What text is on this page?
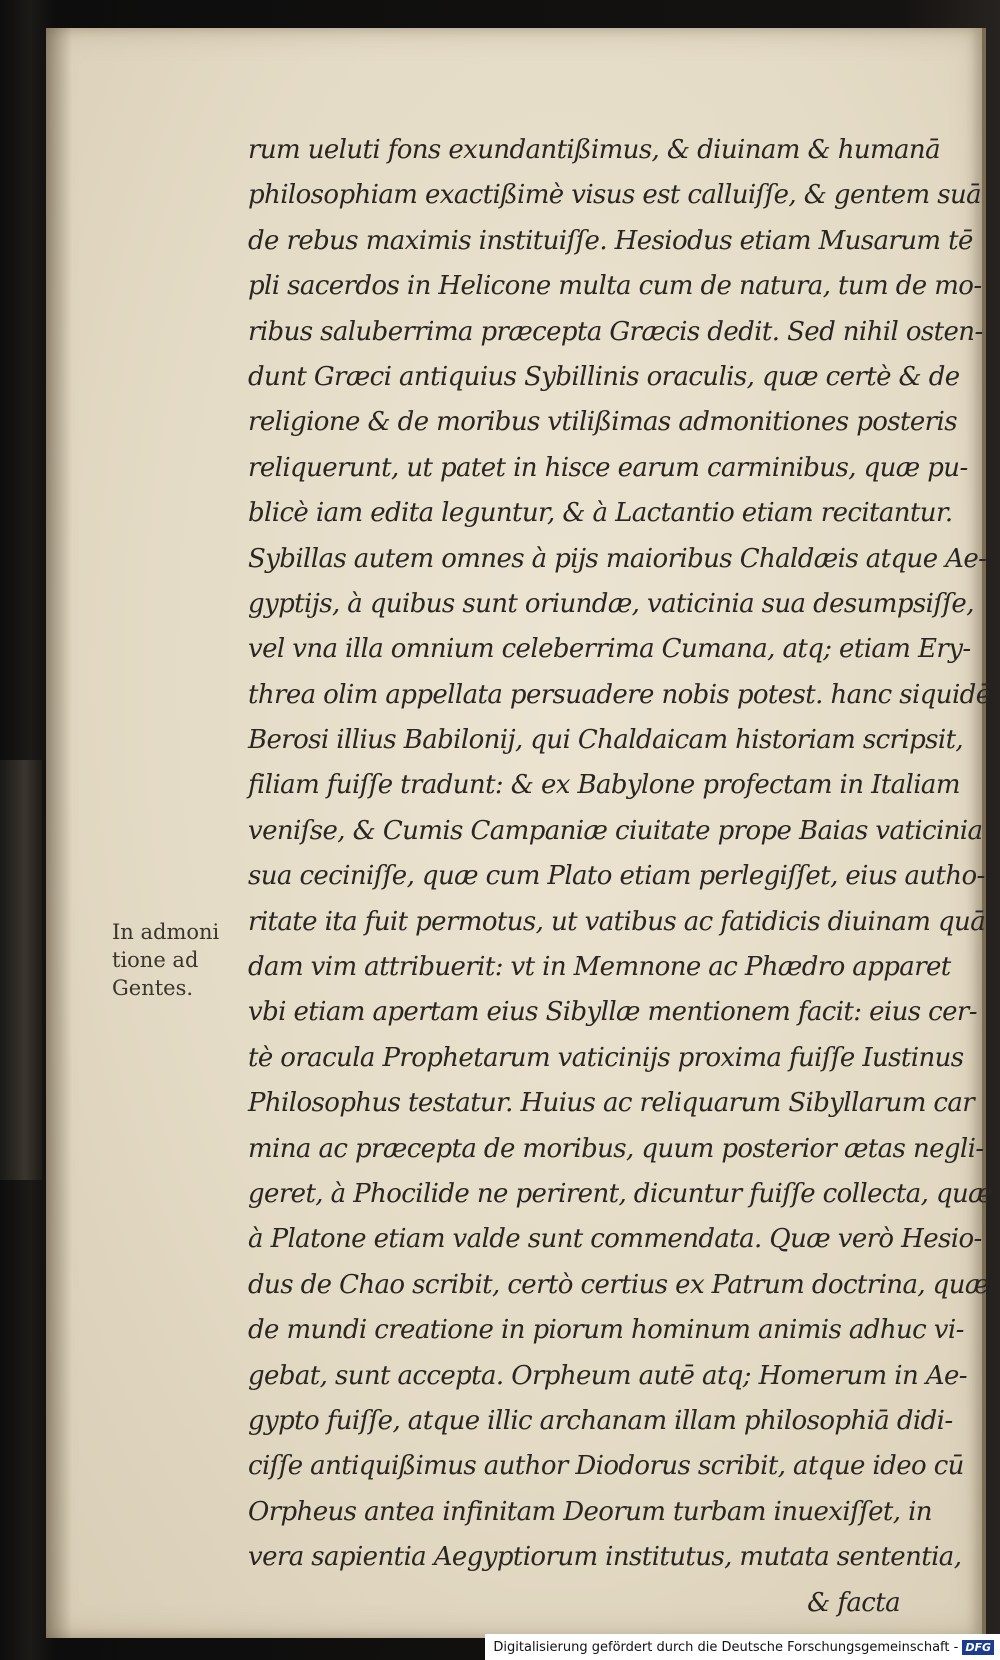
In admoni
tione ad
Gentes.
rum ueluti fons exundantißimus, & diuinam & humanā
philosophiam exactißimè visus est calluiſſe, & gentem suā
de rebus maximis instituiſſe. Hesiodus etiam Musarum tē
pli sacerdos in Helicone multa cum de natura, tum de mo-
ribus saluberrima præcepta Græcis dedit. Sed nihil osten-
dunt Græci antiquius Sybillinis oraculis, quæ certè & de
religione & de moribus vtilißimas admonitiones posteris
reliquerunt, ut patet in hisce earum carminibus, quæ pu-
blicè iam edita leguntur, & à Lactantio etiam recitantur.
Sybillas autem omnes à pijs maioribus Chaldæis atque Ae-
gyptijs, à quibus sunt oriundæ, vaticinia sua desumpsiſſe,
vel vna illa omnium celeberrima Cumana, atq; etiam Ery-
threa olim appellata persuadere nobis potest. hanc siquidē
Berosi illius Babilonij, qui Chaldaicam historiam scripsit,
filiam fuiſſe tradunt: & ex Babylone profectam in Italiam
veniſse, & Cumis Campaniæ ciuitate prope Baias vaticinia
sua ceciniſſe, quæ cum Plato etiam perlegiſſet, eius autho-
ritate ita fuit permotus, ut vatibus ac fatidicis diuinam quā
dam vim attribuerit: vt in Memnone ac Phædro apparet
vbi etiam apertam eius Sibyllæ mentionem facit: eius cer-
tè oracula Prophetarum vaticinijs proxima fuiſſe Iustinus
Philosophus testatur. Huius ac reliquarum Sibyllarum car
mina ac præcepta de moribus, quum posterior ætas negli-
geret, à Phocilide ne perirent, dicuntur fuiſſe collecta, quæ
à Platone etiam valde sunt commendata. Quæ verò Hesio-
dus de Chao scribit, certò certius ex Patrum doctrina, quæ
de mundi creatione in piorum hominum animis adhuc vi-
gebat, sunt accepta. Orpheum autē atq; Homerum in Ae-
gypto fuiſſe, atque illic archanam illam philosophiā didi-
ciſſe antiquißimus author Diodorus scribit, atque ideo cū
Orpheus antea infinitam Deorum turbam inuexiſſet, in
vera sapientia Aegyptiorum institutus, mutata sententia,
& facta
Digitalisierung gefördert durch die Deutsche Forschungsgemeinschaft - DFG
